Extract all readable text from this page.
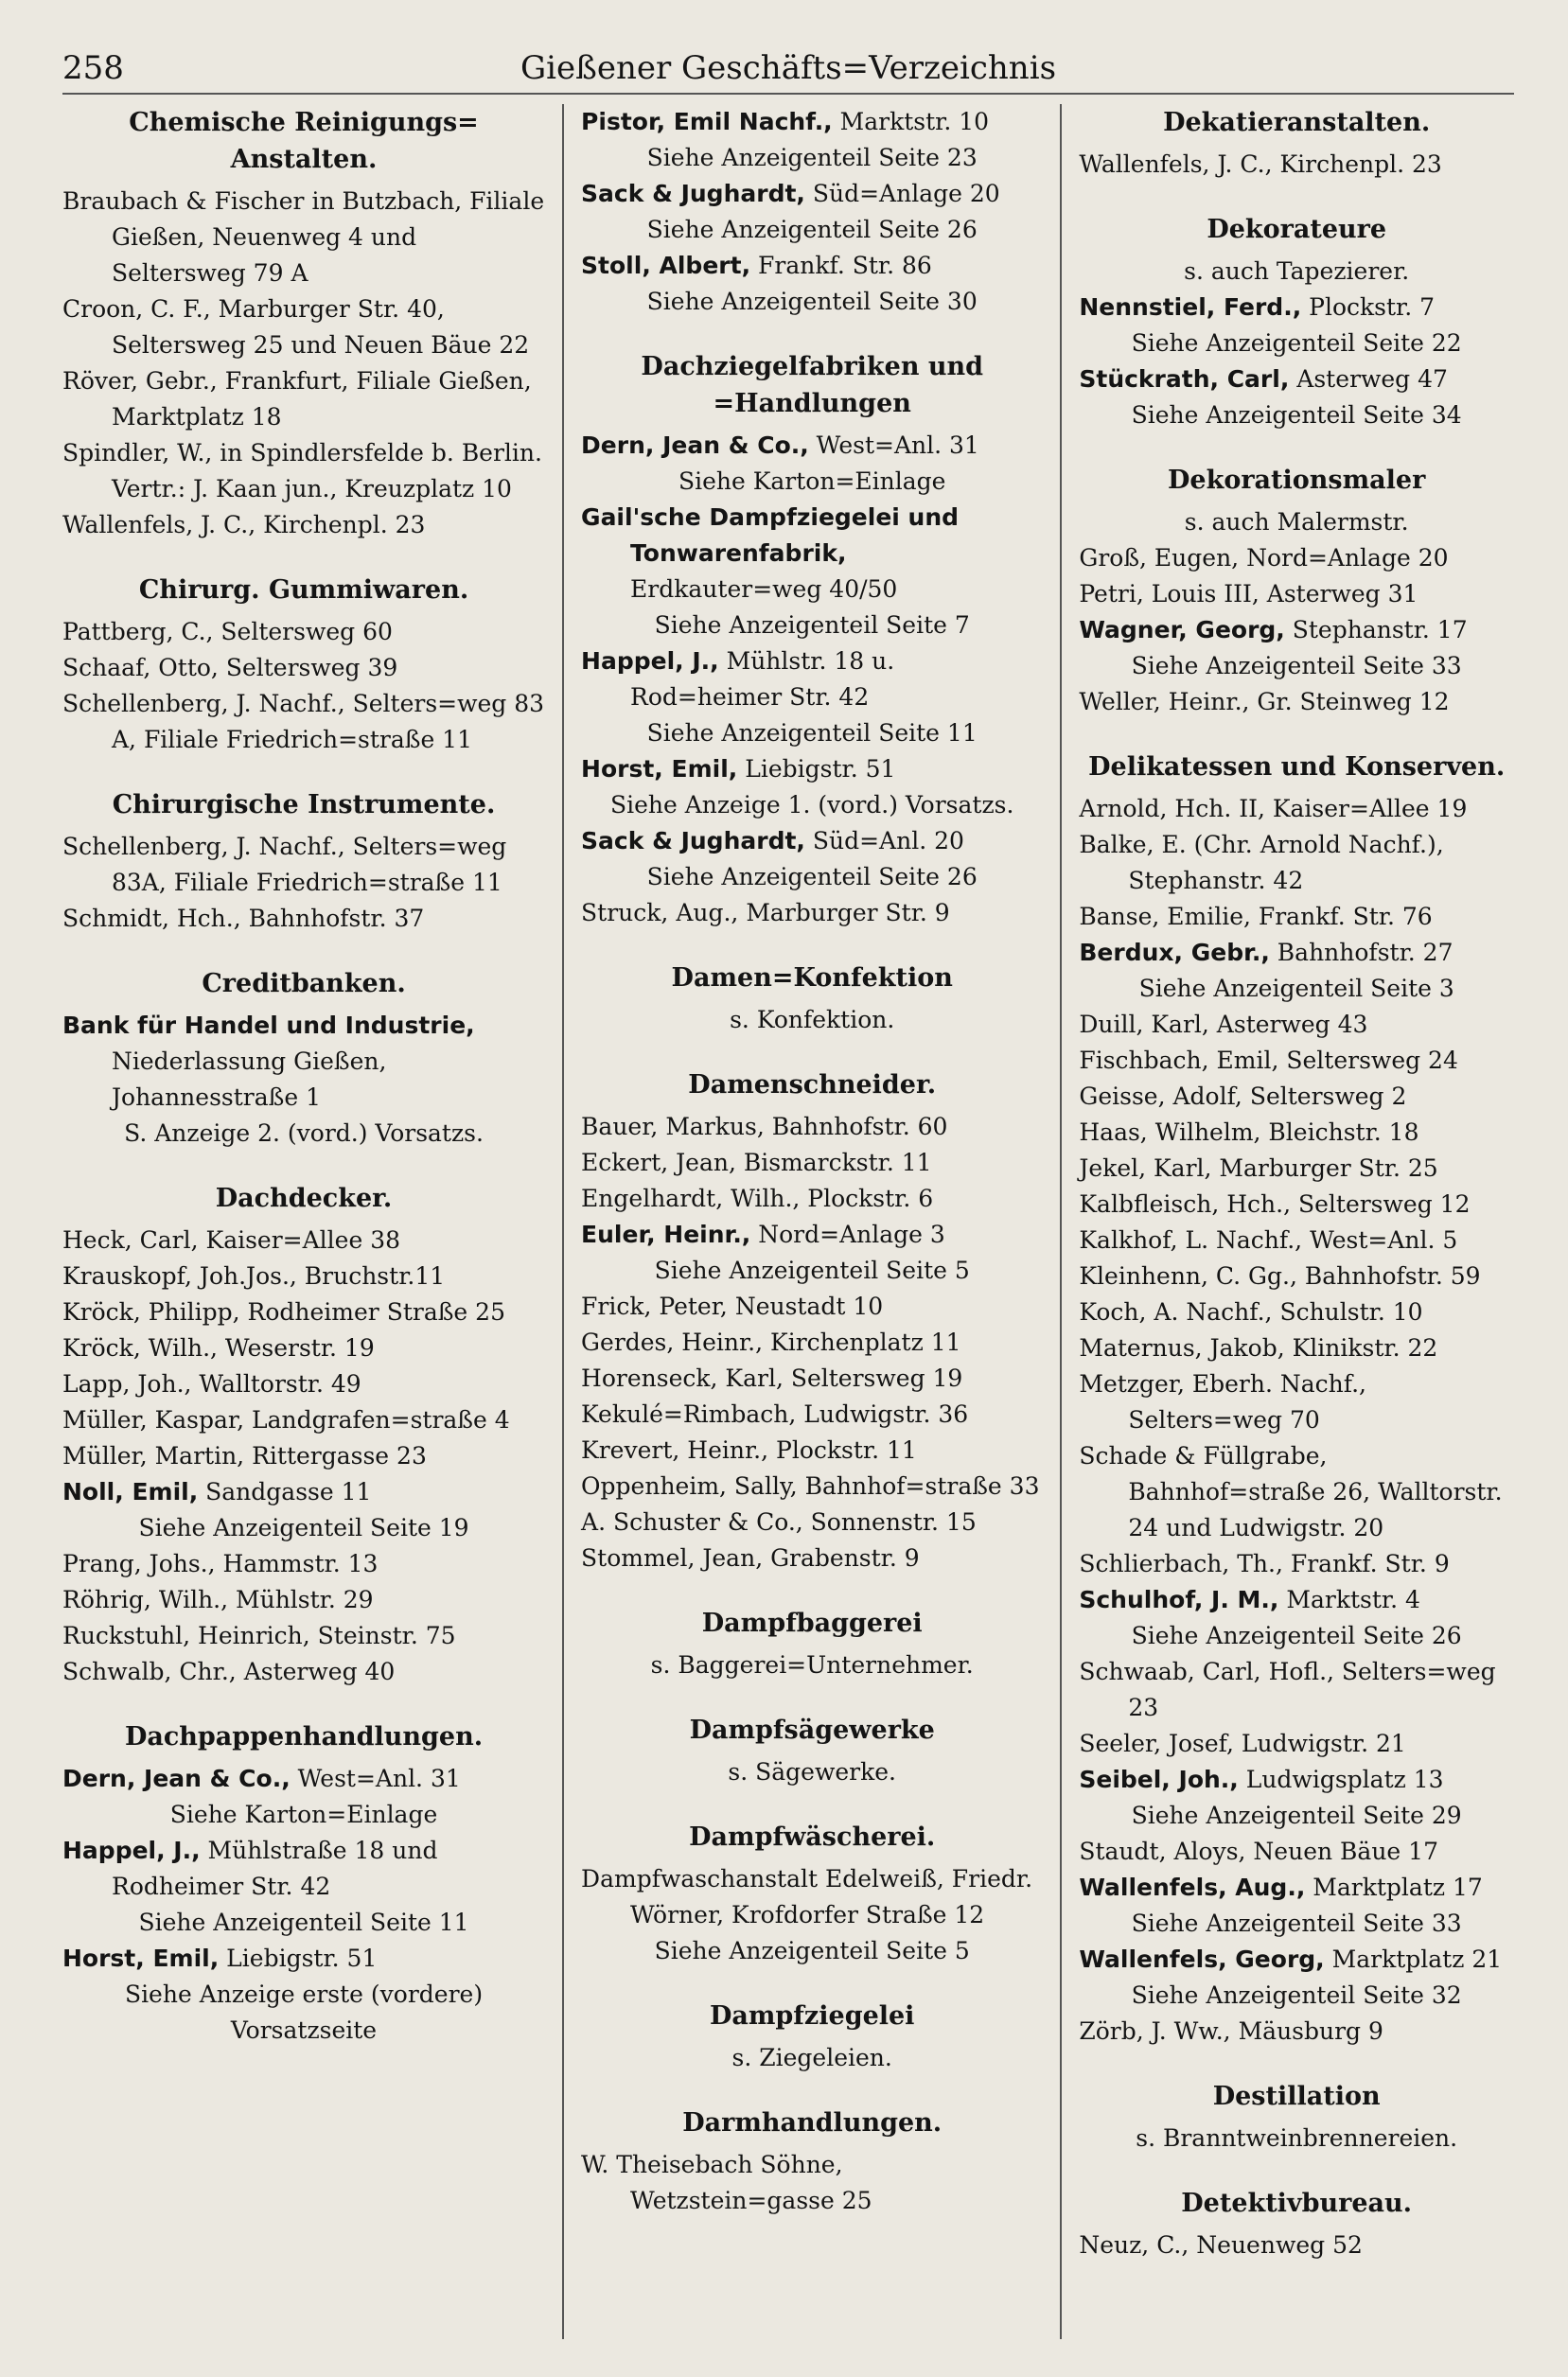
258	Gießener Geschäfts=Verzeichnis
Chemische Reinigungs= Anstalten.
Braubach & Fischer in Butzbach, Filiale Gießen, Neuenweg 4 und Seltersweg 79 A
Croon, C. F., Marburger Str. 40, Seltersweg 25 und Neuen Bäue 22
Röver, Gebr., Frankfurt, Filiale Gießen, Marktplatz 18
Spindler, W., in Spindlersfelde b. Berlin. Vertr.: J. Kaan jun., Kreuzplatz 10
Wallenfels, J. C., Kirchenpl. 23
Chirurg. Gummiwaren.
Pattberg, C., Seltersweg 60
Schaaf, Otto, Seltersweg 39
Schellenberg, J. Nachf., Selters=weg 83 A, Filiale Friedrich=straße 11
Chirurgische Instrumente.
Schellenberg, J. Nachf., Selters=weg 83A, Filiale Friedrich=straße 11
Schmidt, Hch., Bahnhofstr. 37
Creditbanken.
Bank für Handel und Industrie, Niederlassung Gießen, Johannesstraße 1
S. Anzeige 2. (vord.) Vorsatzs.
Dachdecker.
Heck, Carl, Kaiser=Allee 38
Krauskopf, Joh.Jos., Bruchstr.11
Kröck, Philipp, Rodheimer Straße 25
Kröck, Wilh., Weserstr. 19
Lapp, Joh., Walltorstr. 49
Müller, Kaspar, Landgrafen=straße 4
Müller, Martin, Rittergasse 23
Noll, Emil, Sandgasse 11
Siehe Anzeigenteil Seite 19
Prang, Johs., Hammstr. 13
Röhrig, Wilh., Mühlstr. 29
Ruckstuhl, Heinrich, Steinstr. 75
Schwalb, Chr., Asterweg 40
Dachpappenhandlungen.
Dern, Jean & Co., West=Anl. 31
Siehe Karton=Einlage
Happel, J., Mühlstraße 18 und Rodheimer Str. 42
Siehe Anzeigenteil Seite 11
Horst, Emil, Liebigstr. 51
Siehe Anzeige erste (vordere) Vorsatzseite
Pistor, Emil Nachf., Marktstr. 10
Siehe Anzeigenteil Seite 23
Sack & Jughardt, Süd=Anlage 20
Siehe Anzeigenteil Seite 26
Stoll, Albert, Frankf. Str. 86
Siehe Anzeigenteil Seite 30
Dachziegelfabriken und =Handlungen
Dern, Jean & Co., West=Anl. 31
Siehe Karton=Einlage
Gail'sche Dampfziegelei und Tonwarenfabrik, Erdkauter=weg 40/50
Siehe Anzeigenteil Seite 7
Happel, J., Mühlstr. 18 u. Rod=heimer Str. 42
Siehe Anzeigenteil Seite 11
Horst, Emil, Liebigstr. 51
Siehe Anzeige 1. (vord.) Vorsatzs.
Sack & Jughardt, Süd=Anl. 20
Siehe Anzeigenteil Seite 26
Struck, Aug., Marburger Str. 9
Damen=Konfektion
s. Konfektion.
Damenschneider.
Bauer, Markus, Bahnhofstr. 60
Eckert, Jean, Bismarckstr. 11
Engelhardt, Wilh., Plockstr. 6
Euler, Heinr., Nord=Anlage 3
Siehe Anzeigenteil Seite 5
Frick, Peter, Neustadt 10
Gerdes, Heinr., Kirchenplatz 11
Horenseck, Karl, Seltersweg 19
Kekulé=Rimbach, Ludwigstr. 36
Krevert, Heinr., Plockstr. 11
Oppenheim, Sally, Bahnhof=straße 33
A. Schuster & Co., Sonnenstr. 15
Stommel, Jean, Grabenstr. 9
Dampfbaggerei
s. Baggerei=Unternehmer.
Dampfsägewerke
s. Sägewerke.
Dampfwäscherei.
Dampfwaschanstalt Edelweiß, Friedr. Wörner, Krofdorfer Straße 12
Siehe Anzeigenteil Seite 5
Dampfziegelei
s. Ziegeleien.
Darmhandlungen.
W. Theisebach Söhne, Wetzstein=gasse 25
Dekatieranstalten.
Wallenfels, J. C., Kirchenpl. 23
Dekorateure
s. auch Tapezierer.
Nennstiel, Ferd., Plockstr. 7
Siehe Anzeigenteil Seite 22
Stückrath, Carl, Asterweg 47
Siehe Anzeigenteil Seite 34
Dekorationsmaler
s. auch Malermstr.
Groß, Eugen, Nord=Anlage 20
Petri, Louis III, Asterweg 31
Wagner, Georg, Stephanstr. 17
Siehe Anzeigenteil Seite 33
Weller, Heinr., Gr. Steinweg 12
Delikatessen und Konserven.
Arnold, Hch. II, Kaiser=Allee 19
Balke, E. (Chr. Arnold Nachf.), Stephanstr. 42
Banse, Emilie, Frankf. Str. 76
Berdux, Gebr., Bahnhofstr. 27
Siehe Anzeigenteil Seite 3
Duill, Karl, Asterweg 43
Fischbach, Emil, Seltersweg 24
Geisse, Adolf, Seltersweg 2
Haas, Wilhelm, Bleichstr. 18
Jekel, Karl, Marburger Str. 25
Kalbfleisch, Hch., Seltersweg 12
Kalkhof, L. Nachf., West=Anl. 5
Kleinhenn, C. Gg., Bahnhofstr. 59
Koch, A. Nachf., Schulstr. 10
Maternus, Jakob, Klinikstr. 22
Metzger, Eberh. Nachf., Selters=weg 70
Schade & Füllgrabe, Bahnhof=straße 26, Walltorstr. 24 und Ludwigstr. 20
Schlierbach, Th., Frankf. Str. 9
Schulhof, J. M., Marktstr. 4
Siehe Anzeigenteil Seite 26
Schwaab, Carl, Hofl., Selters=weg 23
Seeler, Josef, Ludwigstr. 21
Seibel, Joh., Ludwigsplatz 13
Siehe Anzeigenteil Seite 29
Staudt, Aloys, Neuen Bäue 17
Wallenfels, Aug., Marktplatz 17
Siehe Anzeigenteil Seite 33
Wallenfels, Georg, Marktplatz 21
Siehe Anzeigenteil Seite 32
Zörb, J. Ww., Mäusburg 9
Destillation
s. Branntweinbrennereien.
Detektivbureau.
Neuz, C., Neuenweg 52
